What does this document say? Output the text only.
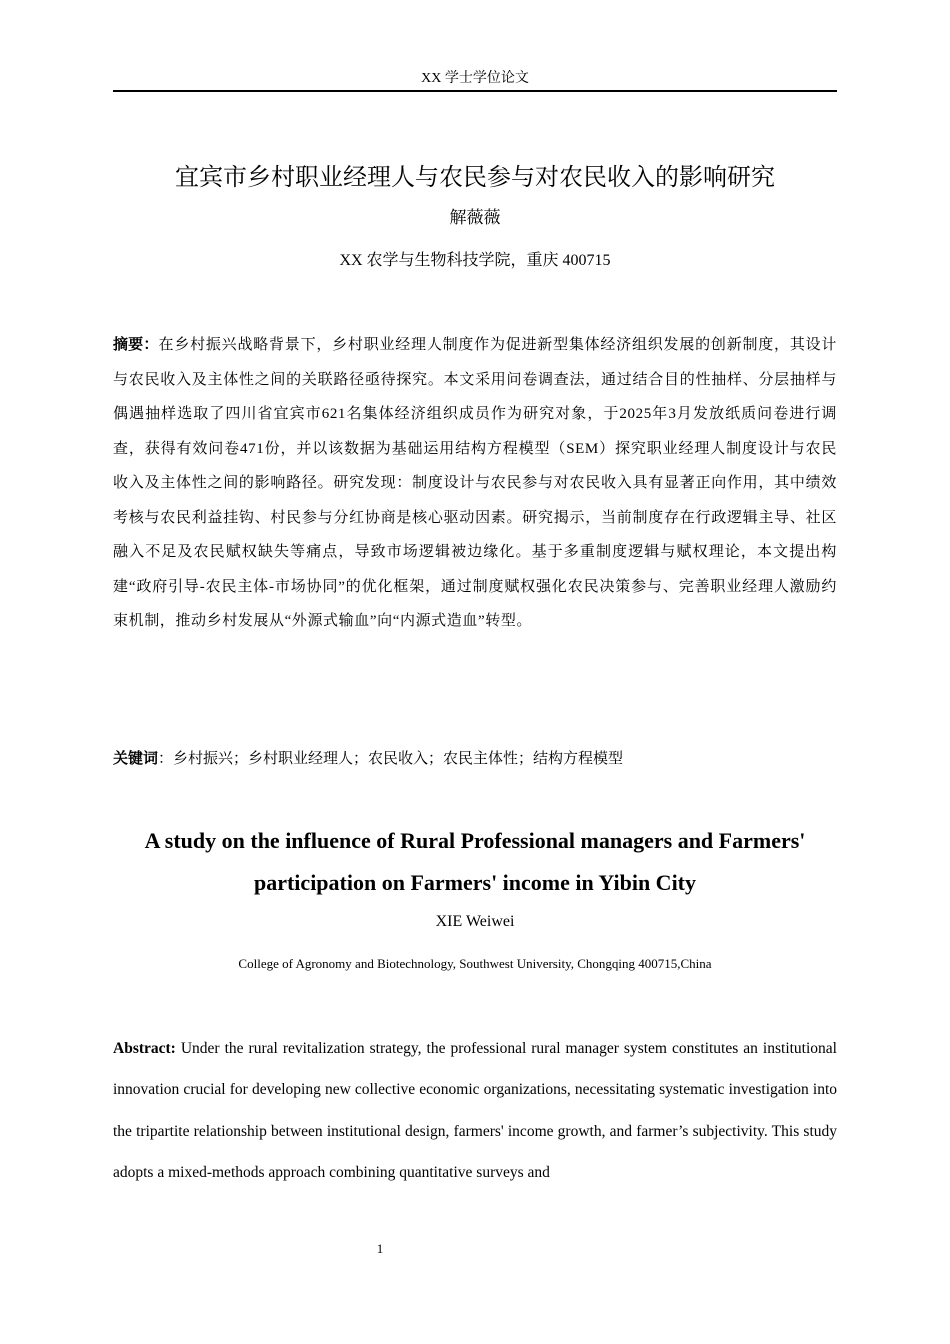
XX 学士学位论文
宜宾市乡村职业经理人与农民参与对农民收入的影响研究
解薇薇
XX 农学与生物科技学院，重庆 400715
摘要：在乡村振兴战略背景下，乡村职业经理人制度作为促进新型集体经济组织发展的创新制度，其设计与农民收入及主体性之间的关联路径亟待探究。本文采用问卷调查法，通过结合目的性抽样、分层抽样与偶遇抽样选取了四川省宜宾市621名集体经济组织成员作为研究对象，于2025年3月发放纸质问卷进行调查，获得有效问卷471份，并以该数据为基础运用结构方程模型（SEM）探究职业经理人制度设计与农民收入及主体性之间的影响路径。研究发现：制度设计与农民参与对农民收入具有显著正向作用，其中绩效考核与农民利益挂钩、村民参与分红协商是核心驱动因素。研究揭示，当前制度存在行政逻辑主导、社区融入不足及农民赋权缺失等痛点，导致市场逻辑被边缘化。基于多重制度逻辑与赋权理论，本文提出构建“政府引导-农民主体-市场协同”的优化框架，通过制度赋权强化农民决策参与、完善职业经理人激励约束机制，推动乡村发展从“外源式输血”向“内源式造血”转型。
关键词：乡村振兴；乡村职业经理人；农民收入；农民主体性；结构方程模型
A study on the influence of Rural Professional managers and Farmers' participation on Farmers' income in Yibin City
XIE Weiwei
College of Agronomy and Biotechnology, Southwest University, Chongqing 400715,China
Abstract: Under the rural revitalization strategy, the professional rural manager system constitutes an institutional innovation crucial for developing new collective economic organizations, necessitating systematic investigation into the tripartite relationship between institutional design, farmers' income growth, and farmer’s subjectivity. This study adopts a mixed-methods approach combining quantitative surveys and
1
